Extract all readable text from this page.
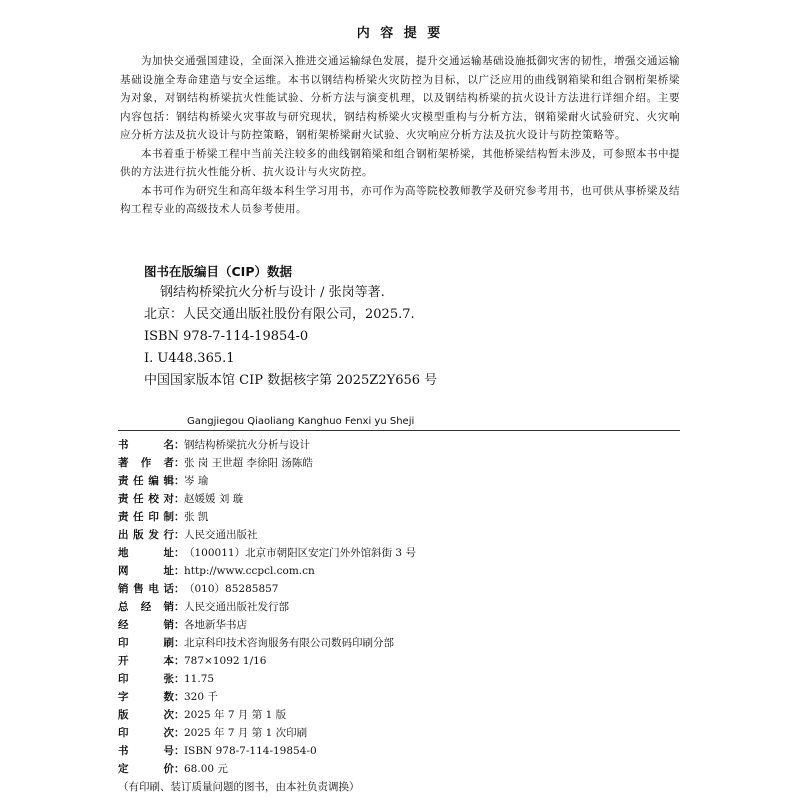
内 容 提 要

为加快交通强国建设，全面深入推进交通运输绿色发展，提升交通运输基础设施抵御灾害的韧性，增强交通运输基础设施全寿命建造与安全运维。本书以钢结构桥梁火灾防控为目标，以广泛应用的曲线钢箱梁和组合钢桁架桥梁为对象，对钢结构桥梁抗火性能试验、分析方法与演变机理，以及钢结构桥梁的抗火设计方法进行详细介绍。主要内容包括：钢结构桥梁火灾事故与研究现状，钢结构桥梁火灾模型重构与分析方法，钢箱梁耐火试验研究、火灾响应分析方法及抗火设计与防控策略，钢桁架桥梁耐火试验、火灾响应分析方法及抗火设计与防控策略等。

本书着重于桥梁工程中当前关注较多的曲线钢箱梁和组合钢桁架桥梁，其他桥梁结构暂未涉及，可参照本书中提供的方法进行抗火性能分析、抗火设计与火灾防控。

本书可作为研究生和高年级本科生学习用书，亦可作为高等院校教师教学及研究参考用书，也可供从事桥梁及结构工程专业的高级技术人员参考使用。

图书在版编目（CIP）数据
钢结构桥梁抗火分析与设计 / 张岗等著.
北京：人民交通出版社股份有限公司，2025.7.
ISBN 978-7-114-19854-0
Ⅰ. U448.365.1
中国国家版本馆 CIP 数据核字第 2025Z2Y656 号
Gangjiegou Qiaoliang Kanghuo Fenxi yu Sheji
书名： 钢结构桥梁抗火分析与设计
著作者： 张 岗 王世超 李徐阳 汤陈皓
责任编辑： 岑 瑜
责任校对： 赵媛媛 刘 璇
责任印制： 张 凯
出版发行： 人民交通出版社
地址： （100011）北京市朝阳区安定门外外馆斜街 3 号
网址： http://www.ccpcl.com.cn
销售电话： （010）85285857
总经销： 人民交通出版社发行部
经销： 各地新华书店
印刷： 北京科印技术咨询服务有限公司数码印刷分部
开本： 787×1092 1/16
印张： 11.75
字数： 320 千
版次： 2025 年 7 月 第 1 版
印次： 2025 年 7 月 第 1 次印刷
书号： ISBN 978-7-114-19854-0
定价： 68.00 元
（有印刷、装订质量问题的图书，由本社负责调换）
